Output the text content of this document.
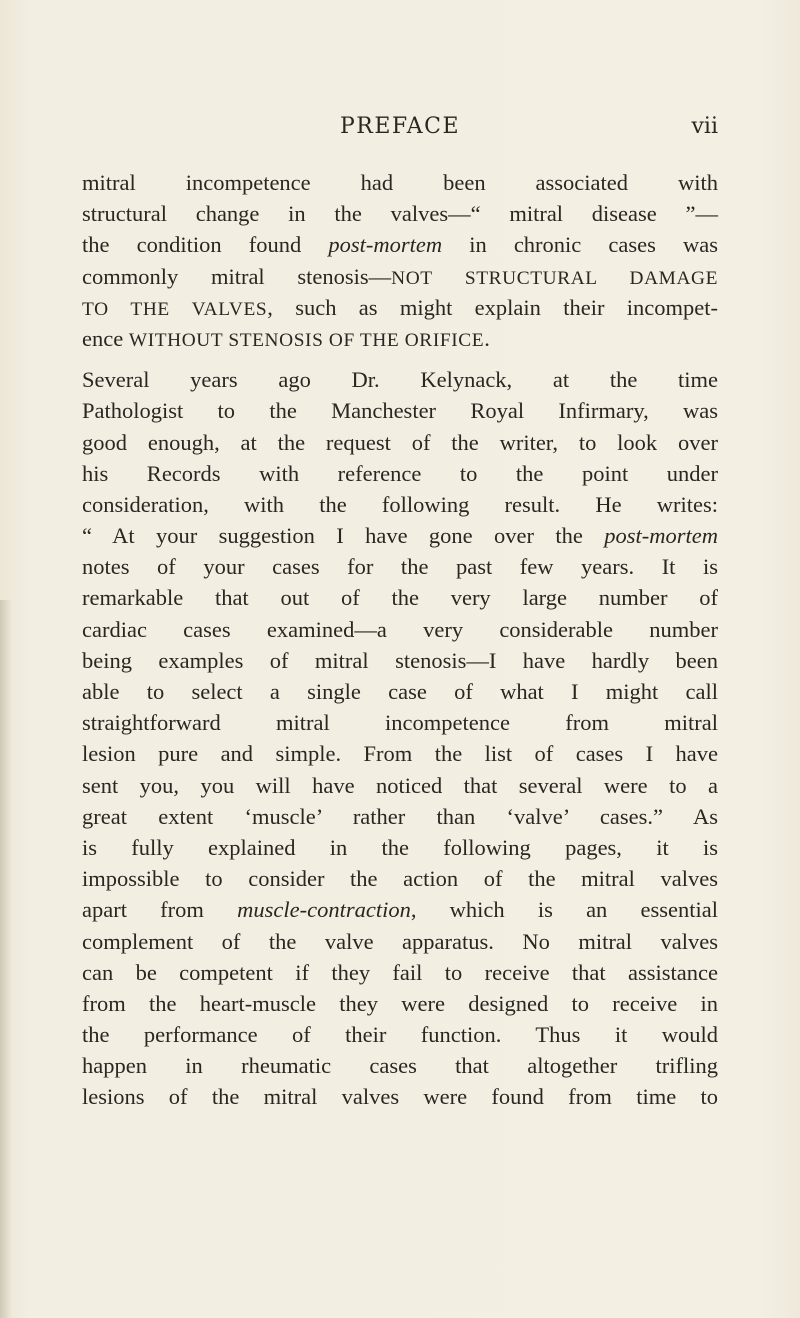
PREFACE	vii
mitral incompetence had been associated with
structural change in the valves—“ mitral disease ”—
the condition found post-mortem in chronic cases was
commonly mitral stenosis—NOT STRUCTURAL DAMAGE
TO THE VALVES, such as might explain their incompet-
ence WITHOUT STENOSIS OF THE ORIFICE.
Several years ago Dr. Kelynack, at the time
Pathologist to the Manchester Royal Infirmary, was
good enough, at the request of the writer, to look over
his Records with reference to the point under
consideration, with the following result. He writes:
“ At your suggestion I have gone over the post-mortem
notes of your cases for the past few years. It is
remarkable that out of the very large number of
cardiac cases examined—a very considerable number
being examples of mitral stenosis—I have hardly been
able to select a single case of what I might call
straightforward mitral incompetence from mitral
lesion pure and simple. From the list of cases I have
sent you, you will have noticed that several were to a
great extent ‘muscle’ rather than ‘valve’ cases.” As
is fully explained in the following pages, it is
impossible to consider the action of the mitral valves
apart from muscle-contraction, which is an essential
complement of the valve apparatus. No mitral valves
can be competent if they fail to receive that assistance
from the heart-muscle they were designed to receive in
the performance of their function. Thus it would
happen in rheumatic cases that altogether trifling
lesions of the mitral valves were found from time to
